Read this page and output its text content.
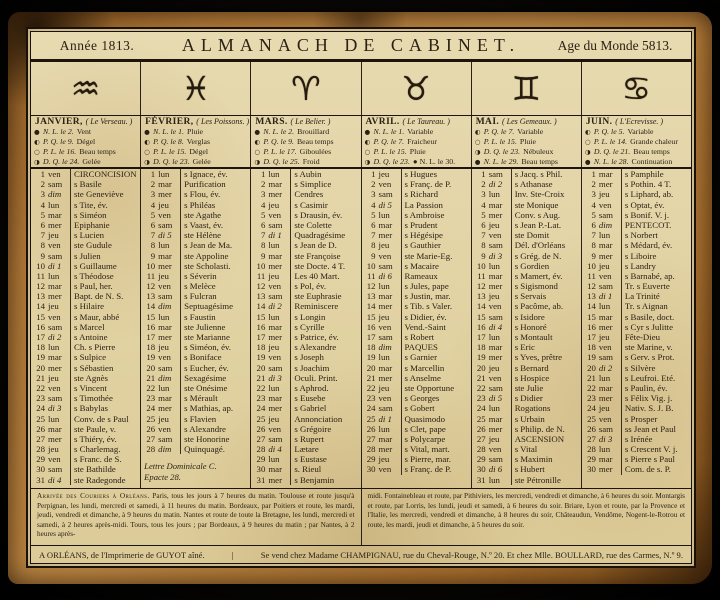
Année 1813.	ALMANACH DE CABINET.	Age du Monde 5813.
♒ ♓ ♈ ♉ ♊ ♋
JANVIER, ( Le Verseau. )
● N. L. le 2. Vent
◐ P. Q. le 9. Dégel
○ P. L. le 16. Beau temps
◑ D. Q. le 24. Gelée
FÉVRIER, ( Les Poissons. )
● N. L. le 1. Pluie
◐ P. Q. le 8. Verglas
○ P. L. le 15. Dégel
◑ D. Q. le 23. Gelée
MARS. ( Le Belier. )
● N. L. le 2. Brouillard
◐ P. Q. le 9. Beau temps
○ P. L. le 17. Giboulées
◑ D. Q. le 25. Froid
AVRIL. ( Le Taureau. )
● N. L. le 1. Variable
◐ P. Q. le 7. Fraicheur
○ P. L. le 15. Pluie
◑ D. Q. le 23. ● N. L. le 30.
MAI. ( Les Gemeaux. )
◐ P. Q. le 7. Variable
○ P. L. le 15. Pluie
◑ D. Q. le 23. Nébuleux
● N. L. le 29. Beau temps
JUIN. ( L'Ecrevisse. )
◐ P. Q. le 5. Variable
○ P. L. le 14. Grande chaleur
◑ D. Q. le 21. Beau temps
● N. L. le 28. Continuation
1 ven	CIRCONCISION
2 sam	s Basile
3 dim	ste Geneviève
4 lun	s Tite, év.
5 mar	s Siméon
6 mer	Epiphanie
7 jeu	s Lucien
8 ven	ste Gudule
9 sam	s Julien
10 di 1	s Guillaume
11 lun	s Théodose
12 mar	s Paul, her.
13 mer	Bapt. de N. S.
14 jeu	s Hilaire
15 ven	s Maur, abbé
16 sam	s Marcel
17 di 2	s Antoine
18 lun	Ch. s Pierre
19 mar	s Sulpice
20 mer	s Sébastien
21 jeu	ste Agnès
22 ven	s Vincent
23 sam	s Timothée
24 di 3	s Babylas
25 lun	Conv. de s Paul
26 mar	ste Paule, v.
27 mer	s Thiéry, év.
28 jeu	s Charlemag.
29 ven	s Franc. de S.
30 sam	ste Bathilde
31 di 4	ste Radegonde
1 lun	s Ignace, év.
2 mar	Purification
3 mer	s Flou, év.
4 jeu	s Philéas
5 ven	ste Agathe
6 sam	s Vaast, év.
7 di 5	ste Hélène
8 lun	s Jean de Ma.
9 mar	ste Appoline
10 mer	ste Scholasti.
11 jeu	s Séverin
12 ven	s Melèce
13 sam	s Fulcran
14 dim	Septuagésime
15 lun	s Faustin
16 mar	ste Julienne
17 mer	ste Marianne
18 jeu	s Siméon, év.
19 ven	s Boniface
20 sam	s Eucher, év.
21 dim	Sexagésime
22 lun	ste Onésime
23 mar	s Mérault
24 mer	s Mathias, ap.
25 jeu	s Flavien
26 ven	s Alexandre
27 sam	ste Honorine
28 dim	Quinquagé.
Lettre Dominicale C.
Epacte 28.
1 lun	s Aubin
2 mar	s Simplice
3 mer	Cendres
4 jeu	s Casimir
5 ven	s Drausin, év.
6 sam	ste Colette
7 di 1	Quadragésime
8 lun	s Jean de D.
9 mar	ste Françoise
10 mer	ste Docte. 4 T.
11 jeu	Les 40 Mart.
12 ven	s Pol, év.
13 sam	ste Euphrasie
14 di 2	Reminiscere
15 lun	s Longin
16 mar	s Cyrille
17 mer	s Patrice, év.
18 jeu	s Alexandre
19 ven	s Joseph
20 sam	s Joachim
21 di 3	Oculi. Print.
22 lun	s Aphrod.
23 mar	s Eusebe
24 mer	s Gabriel
25 jeu	Annonciation
26 ven	s Grégoire
27 sam	s Rupert
28 di 4	Lætare
29 lun	s Eustase
30 mar	s. Rieul
31 mer	s Benjamin
1 jeu	s Hugues
2 ven	s Franç. de P.
3 sam	s Richard
4 di 5	La Passion
5 lun	s Ambroise
6 mar	s Prudent
7 mer	s Hégésipe
8 jeu	s Gauthier
9 ven	ste Marie-Eg.
10 sam	s Macaire
11 di 6	Rameaux
12 lun	s Jules, pape
13 mar	s Justin, mar.
14 mer	s Tib. s Valer.
15 jeu	s Didier, év.
16 ven	Vend.-Saint
17 sam	s Robert
18 dim	PAQUES
19 lun	s Garnier
20 mar	s Marcellin
21 mer	s Anselme
22 jeu	ste Opportune
23 ven	s Georges
24 sam	s Gobert
25 di 1	Quasimodo
26 lun	s Clet, pape
27 mar	s Polycarpe
28 mer	s Vital, mart.
29 jeu	s Pierre, mar.
30 ven	s Franç. de P.
1 sam	s Jacq. s Phil.
2 di 2	s Athanase
3 lun	Inv. Ste-Croix
4 mar	ste Monique
5 mer	Conv. s Aug.
6 jeu	s Jean P.-Lat.
7 ven	ste Domit
8 sam	Dél. d'Orléans
9 di 3	s Grég. de N.
10 lun	s Gordien
11 mar	s Mamert, év.
12 mer	s Sigismond
13 jeu	s Servais
14 ven	s Pacôme, ab.
15 sam	s Isidore
16 di 4	s Honoré
17 lun	s Montault
18 mar	s Eric
19 mer	s Yves, prêtre
20 jeu	s Bernard
21 ven	s Hospice
22 sam	ste Julie
23 di 5	s Didier
24 lun	Rogations
25 mar	s Urbain
26 mer	s Philip. de N.
27 jeu	ASCENSION
28 ven	s Vital
29 sam	s Maximin
30 di 6	s Hubert
31 lun	ste Pétronille
1 mar	s Pamphile
2 mer	s Pothin. 4 T.
3 jeu	s Liphard, ab.
4 ven	s Optat, év.
5 sam	s Bonif. V. j.
6 dim	PENTECOT.
7 lun	s Norbert
8 mar	s Médard, év.
9 mer	s Liboire
10 jeu	s Landry
11 ven	s Barnabé, ap.
12 sam	Tr. s Euverte
13 di 1	La Trinité
14 lun	Tr. s Aignan
15 mar	s Basile, doct.
16 mer	s Cyr s Julitte
17 jeu	Fête-Dieu
18 ven	ste Marine, v.
19 sam	s Gerv. s Prot.
20 di 2	s Silvère
21 lun	s Leufroi. Eté.
22 mar	s Paulin, év.
23 mer	s Félix Vig. j.
24 jeu	Nativ. S. J. B.
25 ven	s Prosper
26 sam	ss Jean et Paul
27 di 3	s Irénée
28 lun	s Crescent V. j.
29 mar	s Pierre s Paul
30 mer	Com. de s. P.
Arrivée des Couriers à Orléans. Paris, tous les jours à 7 heures du matin. Toulouse et route jusqu'à Perpignan, les lundi, mercredi et samedi, à 11 heures du matin. Bordeaux, par Poitiers et route, les mardi, jeudi, vendredi et dimanche, à 9 heures du matin. Nantes et route de toute la Bretagne, les lundi, mercredi et samedi, à 2 heures après-midi. Tours, tous les jours ; par Bordeaux, à 9 heures du matin ; par Nantes, à 2 heures après-
midi. Fontainebleau et route, par Pithiviers, les mercredi, vendredi et dimanche, à 6 heures du soir. Montargis et route, par Lorris, les lundi, jeudi et samedi, à 6 heures du soir. Briare, Lyon et route, par la Provence et l'Italie, les mercredi, vendredi et dimanche, à 8 heures du soir, Châteaudun, Vendôme, Nogent-le-Rotrou et route, les mardi, jeudi et dimanche, à 5 heures du soir.
A ORLÉANS, de l'Imprimerie de GUYOT aîné.	|	Se vend chez Madame CHAMPIGNAU, rue du Cheval-Rouge, N.º 20. Et chez Mlle. BOULLARD, rue des Carmes, N.º 9.
